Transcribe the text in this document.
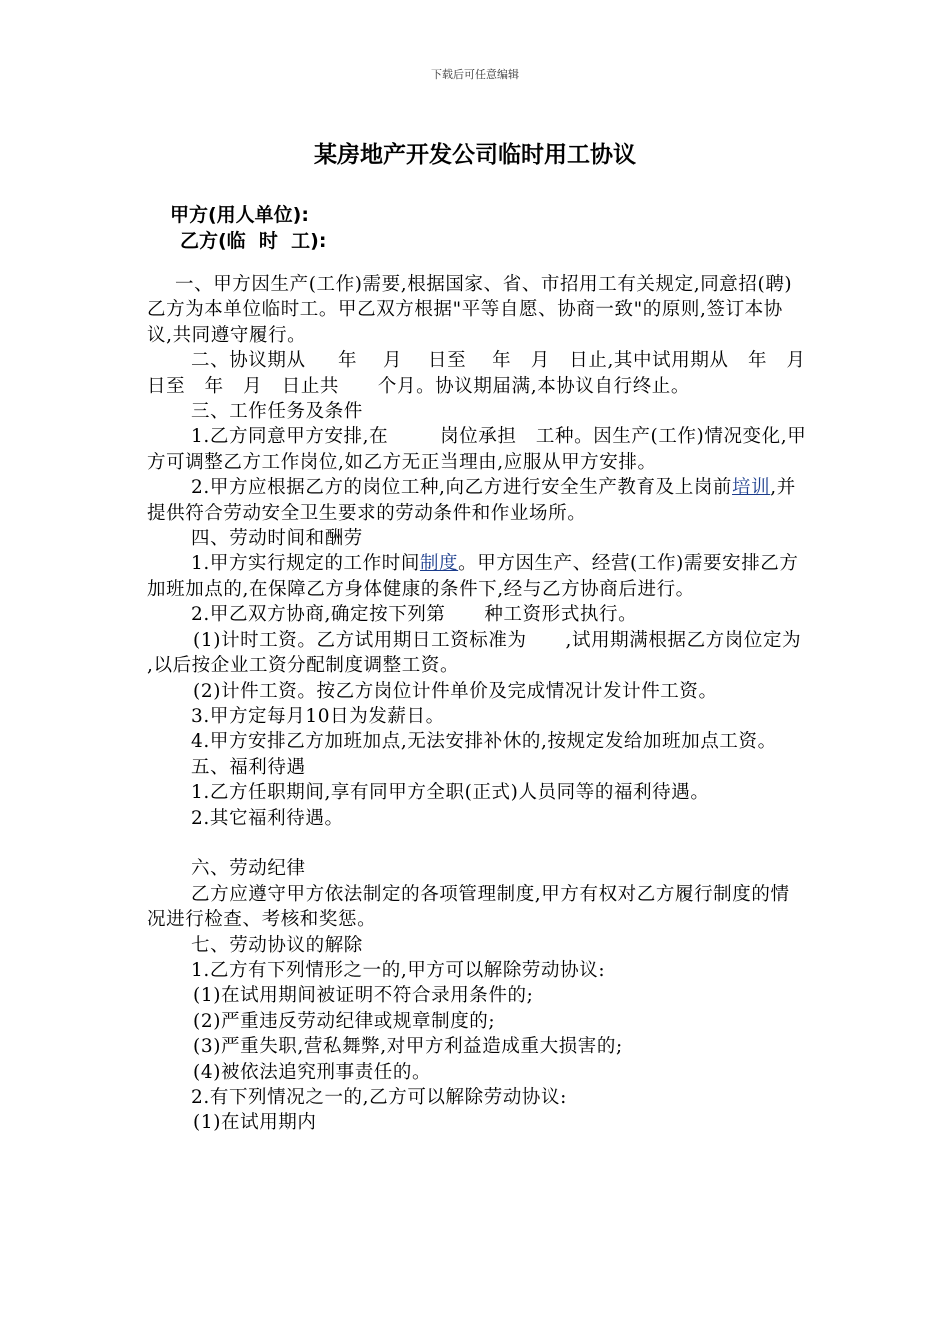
下载后可任意编辑
某房地产开发公司临时用工协议
甲方(用人单位):
乙方(临  时  工):

一、甲方因生产(工作)需要,根据国家、省、市招用工有关规定,同意招(聘)乙方为本单位临时工。甲乙双方根据"平等自愿、协商一致"的原则,签订本协议,共同遵守履行。

二、协议期从     年    月    日至    年   月   日止,其中试用期从   年   月   日至   年   月   日止共      个月。协议期届满,本协议自行终止。

三、工作任务及条件

1.乙方同意甲方安排,在        岗位承担   工种。因生产(工作)情况变化,甲方可调整乙方工作岗位,如乙方无正当理由,应服从甲方安排。

2.甲方应根据乙方的岗位工种,向乙方进行安全生产教育及上岗前培训,并提供符合劳动安全卫生要求的劳动条件和作业场所。

四、劳动时间和酬劳

1.甲方实行规定的工作时间制度。甲方因生产、经营(工作)需要安排乙方加班加点的,在保障乙方身体健康的条件下,经与乙方协商后进行。

2.甲乙双方协商,确定按下列第      种工资形式执行。

(1)计时工资。乙方试用期日工资标准为      ,试用期满根据乙方岗位定为     ,以后按企业工资分配制度调整工资。

(2)计件工资。按乙方岗位计件单价及完成情况计发计件工资。

3.甲方定每月10日为发薪日。

4.甲方安排乙方加班加点,无法安排补休的,按规定发给加班加点工资。

五、福利待遇

1.乙方任职期间,享有同甲方全职(正式)人员同等的福利待遇。

2.其它福利待遇。

六、劳动纪律

乙方应遵守甲方依法制定的各项管理制度,甲方有权对乙方履行制度的情况进行检查、考核和奖惩。

七、劳动协议的解除

1.乙方有下列情形之一的,甲方可以解除劳动协议:

(1)在试用期间被证明不符合录用条件的;

(2)严重违反劳动纪律或规章制度的;

(3)严重失职,营私舞弊,对甲方利益造成重大损害的;

(4)被依法追究刑事责任的。

2.有下列情况之一的,乙方可以解除劳动协议:

(1)在试用期内
